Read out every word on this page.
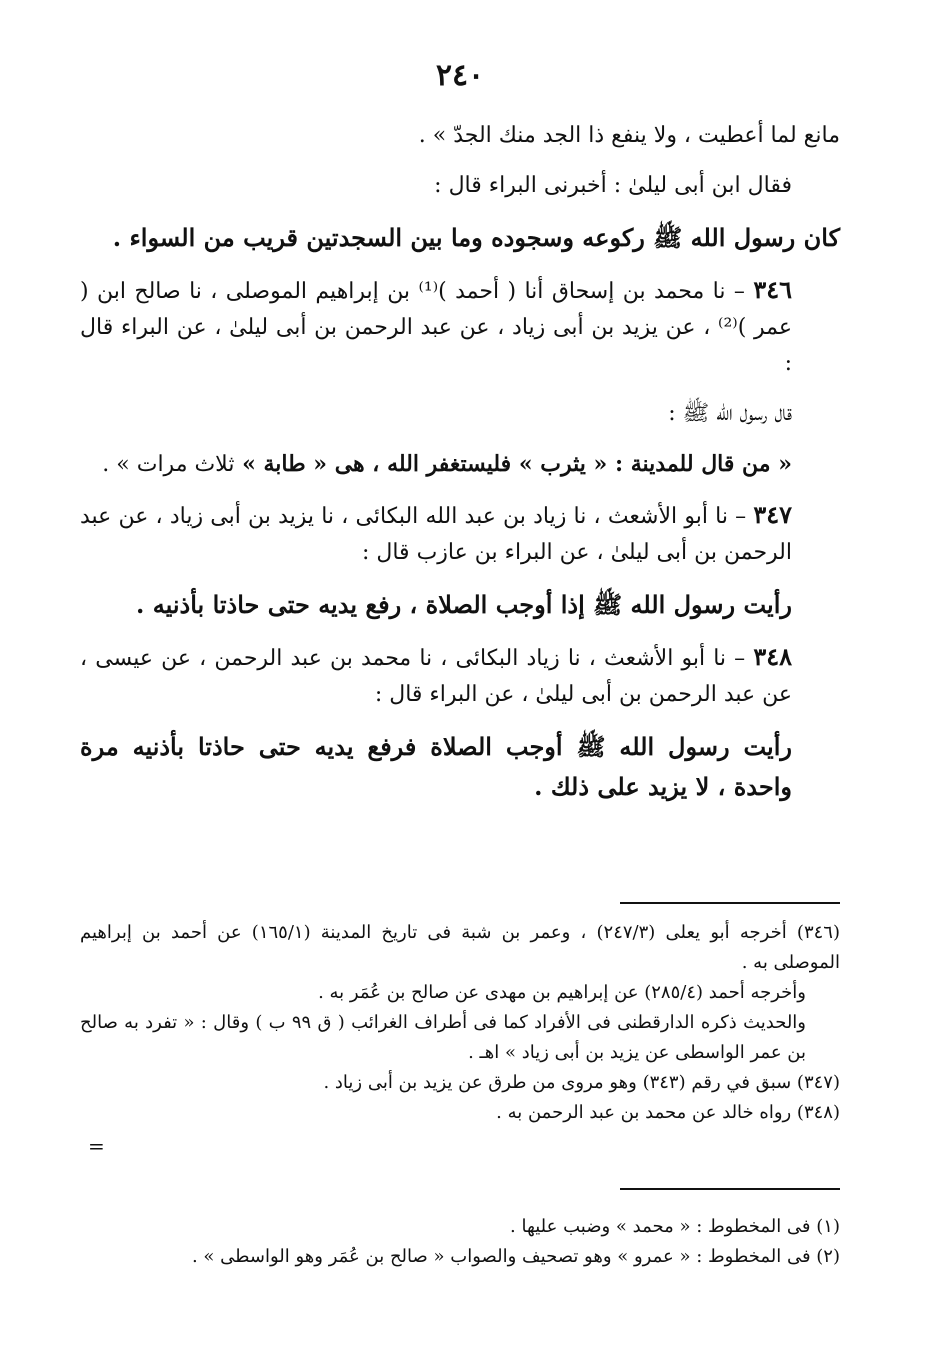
٢٤٠

مانع لما أعطيت ، ولا ينفع ذا الجد منك الجدّ » .

فقال ابن أبى ليلىٰ : أخبرنى البراء قال :

كان رسول الله ﷺ ركوعه وسجوده وما بين السجدتين قريب من السواء .

٣٤٦ – نا محمد بن إسحاق أنا ( أحمد )⁽¹⁾ بن إبراهيم الموصلى ، نا صالح ابن ( عمر )⁽²⁾ ، عن يزيد بن أبى زياد ، عن عبد الرحمن بن أبى ليلىٰ ، عن البراء قال :

قال رسول الله ﷺ :

« من قال للمدينة : « يثرب » فليستغفر الله ، هى « طابة » ثلاث مرات » .

٣٤٧ – نا أبو الأشعث ، نا زياد بن عبد الله البكائى ، نا يزيد بن أبى زياد ، عن عبد الرحمن بن أبى ليلىٰ ، عن البراء بن عازب قال :

رأيت رسول الله ﷺ إذا أوجب الصلاة ، رفع يديه حتى حاذتا بأذنيه .

٣٤٨ – نا أبو الأشعث ، نا زياد البكائى ، نا محمد بن عبد الرحمن ، عن عيسى ، عن عبد الرحمن بن أبى ليلىٰ ، عن البراء قال :

رأيت رسول الله ﷺ أوجب الصلاة فرفع يديه حتى حاذتا بأذنيه مرة واحدة ، لا يزيد على ذلك .

(٣٤٦) أخرجه أبو يعلى (٢٤٧/٣) ، وعمر بن شبة فى تاريخ المدينة (١٦٥/١) عن أحمد بن إبراهيم الموصلى به .

وأخرجه أحمد (٢٨٥/٤) عن إبراهيم بن مهدى عن صالح بن عُمَر به .

والحديث ذكره الدارقطنى فى الأفراد كما فى أطراف الغرائب ( ق ٩٩ ب ) وقال : « تفرد به صالح بن عمر الواسطى عن يزيد بن أبى زياد » اهـ .

(٣٤٧) سبق في رقم (٣٤٣) وهو مروى من طرق عن يزيد بن أبى زياد .

(٣٤٨) رواه خالد عن محمد بن عبد الرحمن به .

=

(١) فى المخطوط : « محمد » وضبب عليها .

(٢) فى المخطوط : « عمرو » وهو تصحيف والصواب « صالح بن عُمَر وهو الواسطى » .
